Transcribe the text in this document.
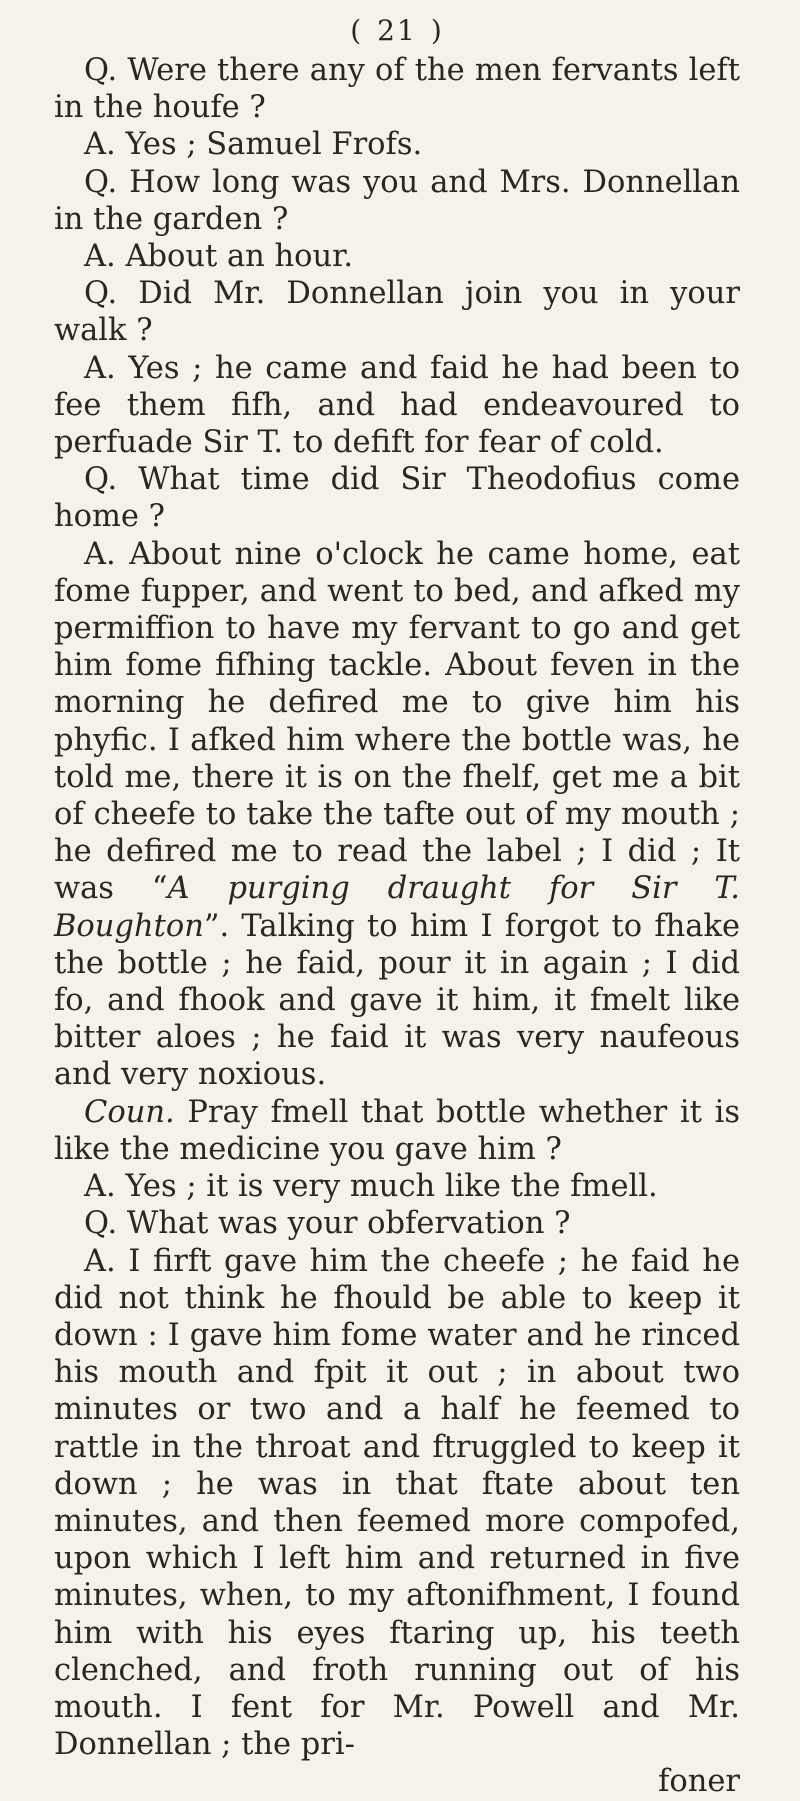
( 21 )

Q. Were there any of the men fervants left in the houfe ?

A. Yes ; Samuel Frofs.

Q. How long was you and Mrs. Donnellan in the garden ?

A. About an hour.

Q. Did Mr. Donnellan join you in your walk ?

A. Yes ; he came and faid he had been to fee them fifh, and had endeavoured to perfuade Sir T. to defift for fear of cold.

Q. What time did Sir Theodofius come home ?

A. About nine o'clock he came home, eat fome fupper, and went to bed, and afked my permiffion to have my fervant to go and get him fome fifhing tackle. About feven in the morning he defired me to give him his phyfic. I afked him where the bottle was, he told me, there it is on the fhelf, get me a bit of cheefe to take the tafte out of my mouth ; he defired me to read the label ; I did ; It was “A purging draught for Sir T. Boughton”. Talking to him I forgot to fhake the bottle ; he faid, pour it in again ; I did fo, and fhook and gave it him, it fmelt like bitter aloes ; he faid it was very naufeous and very noxious.

Coun. Pray fmell that bottle whether it is like the medicine you gave him ?

A. Yes ; it is very much like the fmell.

Q. What was your obfervation ?

A. I firft gave him the cheefe ; he faid he did not think he fhould be able to keep it down : I gave him fome water and he rinced his mouth and fpit it out ; in about two minutes or two and a half he feemed to rattle in the throat and ftruggled to keep it down ; he was in that ftate about ten minutes, and then feemed more compofed, upon which I left him and returned in five minutes, when, to my aftonifhment, I found him with his eyes ftaring up, his teeth clenched, and froth running out of his mouth. I fent for Mr. Powell and Mr. Donnellan ; the pri-

foner
